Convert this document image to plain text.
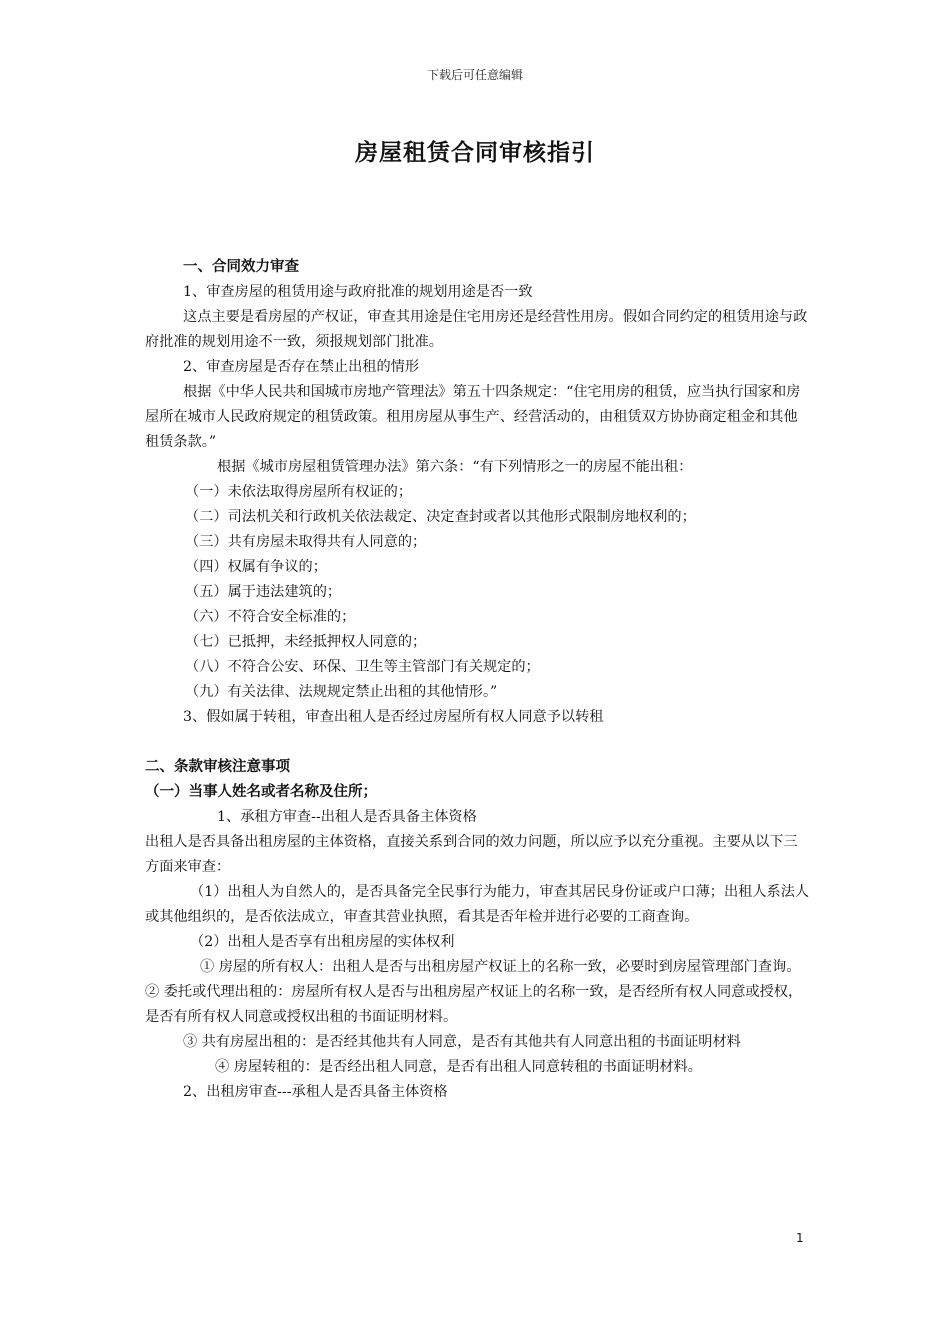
下载后可任意编辑
房屋租赁合同审核指引

一、合同效力审查

1、审查房屋的租赁用途与政府批准的规划用途是否一致

这点主要是看房屋的产权证，审查其用途是住宅用房还是经营性用房。假如合同约定的租赁用途与政府批准的规划用途不一致，须报规划部门批准。

2、审查房屋是否存在禁止出租的情形

根据《中华人民共和国城市房地产管理法》第五十四条规定：“住宅用房的租赁，应当执行国家和房屋所在城市人民政府规定的租赁政策。租用房屋从事生产、经营活动的，由租赁双方协协商定租金和其他租赁条款。”

根据《城市房屋租赁管理办法》第六条：“有下列情形之一的房屋不能出租：

（一）未依法取得房屋所有权证的；

（二）司法机关和行政机关依法裁定、决定查封或者以其他形式限制房地权利的；

（三）共有房屋未取得共有人同意的；

（四）权属有争议的；

（五）属于违法建筑的；

（六）不符合安全标准的；

（七）已抵押，未经抵押权人同意的；

（八）不符合公安、环保、卫生等主管部门有关规定的；

（九）有关法律、法规规定禁止出租的其他情形。”

3、假如属于转租，审查出租人是否经过房屋所有权人同意予以转租

二、条款审核注意事项

（一）当事人姓名或者名称及住所；

1、承租方审查--出租人是否具备主体资格

出租人是否具备出租房屋的主体资格，直接关系到合同的效力问题，所以应予以充分重视。主要从以下三方面来审查：

（1）出租人为自然人的，是否具备完全民事行为能力，审查其居民身份证或户口薄；出租人系法人或其他组织的，是否依法成立，审查其营业执照，看其是否年检并进行必要的工商查询。

（2）出租人是否享有出租房屋的实体权利

① 房屋的所有权人：出租人是否与出租房屋产权证上的名称一致，必要时到房屋管理部门查询。

② 委托或代理出租的：房屋所有权人是否与出租房屋产权证上的名称一致，是否经所有权人同意或授权，是否有所有权人同意或授权出租的书面证明材料。

③ 共有房屋出租的：是否经其他共有人同意，是否有其他共有人同意出租的书面证明材料

④ 房屋转租的：是否经出租人同意，是否有出租人同意转租的书面证明材料。

2、出租房审查---承租人是否具备主体资格

1
